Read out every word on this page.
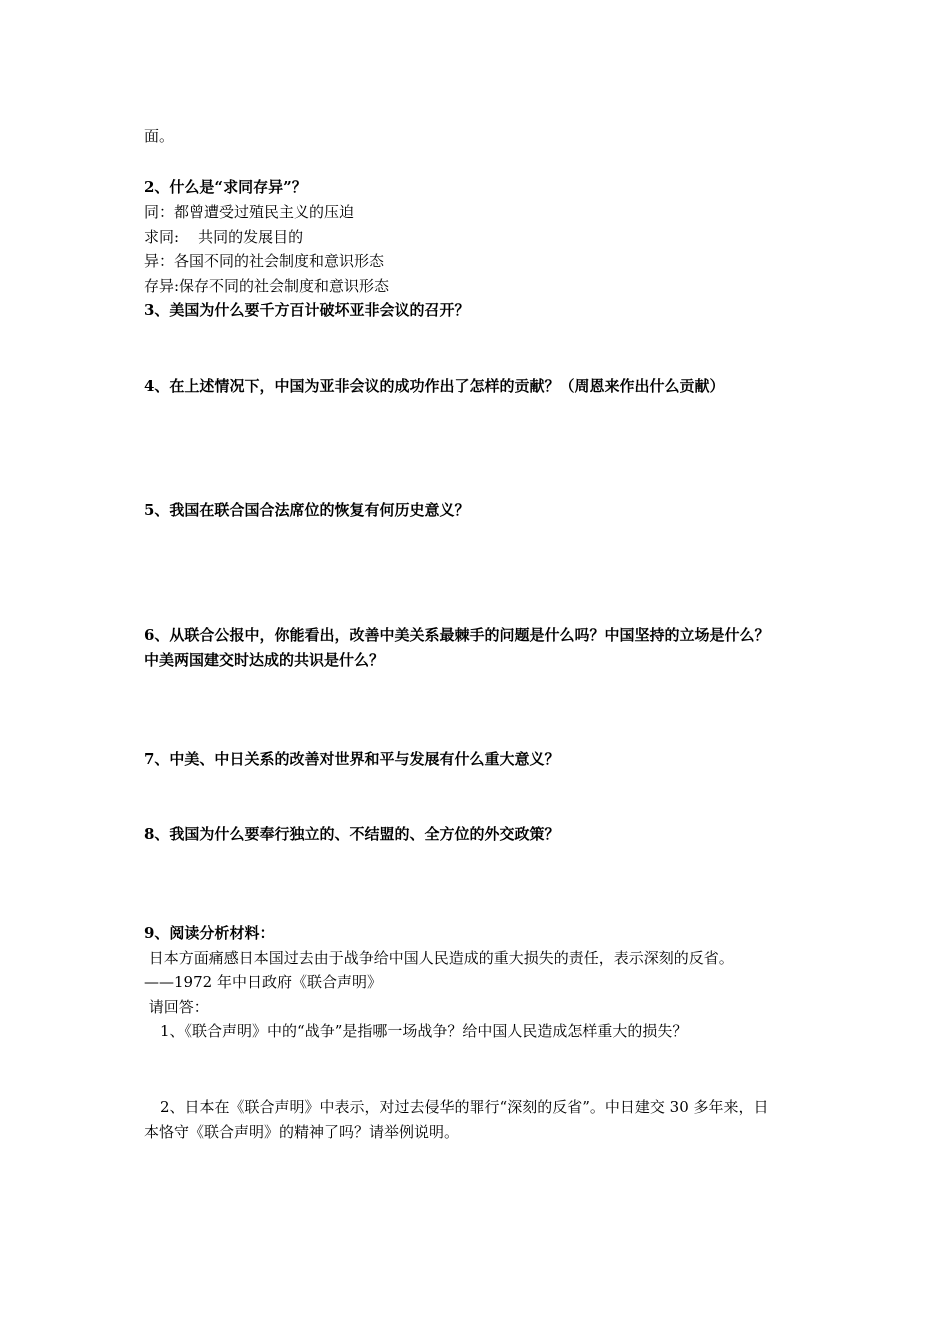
面。
2、什么是“求同存异”？
同：都曾遭受过殖民主义的压迫
求同:    共同的发展目的
异：各国不同的社会制度和意识形态
存异:保存不同的社会制度和意识形态
3、美国为什么要千方百计破坏亚非会议的召开？
4、在上述情况下，中国为亚非会议的成功作出了怎样的贡献？（周恩来作出什么贡献）
5、我国在联合国合法席位的恢复有何历史意义？
6、从联合公报中，你能看出，改善中美关系最棘手的问题是什么吗？中国坚持的立场是什么？
中美两国建交时达成的共识是什么？
7、中美、中日关系的改善对世界和平与发展有什么重大意义？
8、我国为什么要奉行独立的、不结盟的、全方位的外交政策？
9、阅读分析材料：
日本方面痛感日本国过去由于战争给中国人民造成的重大损失的责任，表示深刻的反省。
——1972 年中日政府《联合声明》
请回答：
1、《联合声明》中的“战争”是指哪一场战争？给中国人民造成怎样重大的损失？
2、日本在《联合声明》中表示，对过去侵华的罪行“深刻的反省”。中日建交 30 多年来，日
本恪守《联合声明》的精神了吗？请举例说明。
